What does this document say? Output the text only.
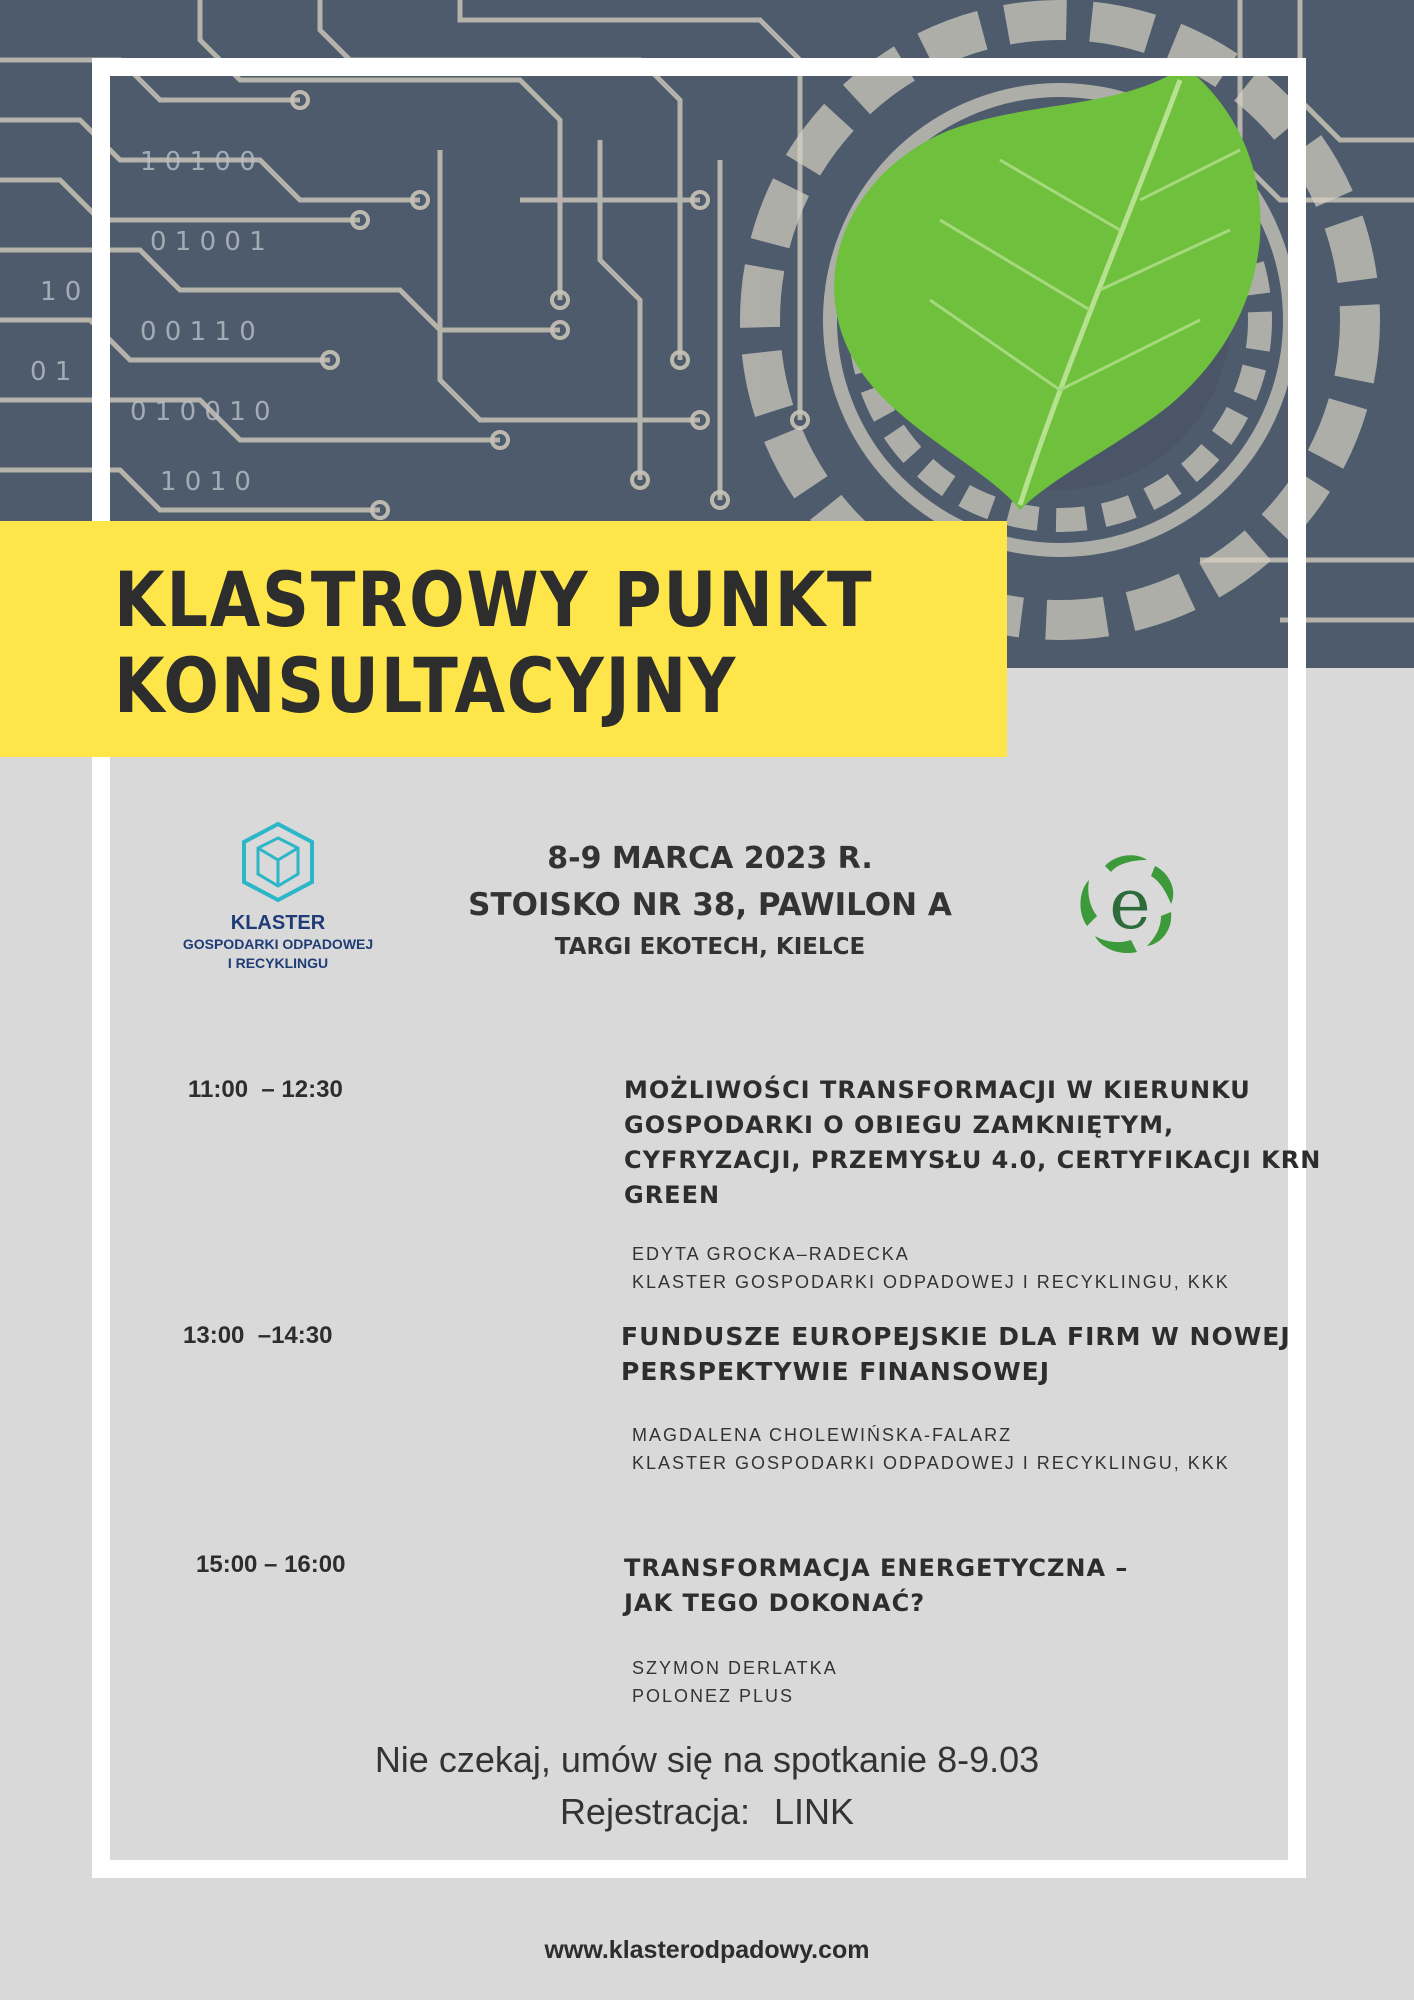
1 0 1 0 0
0 1 0 0 1
0 0 1 1 0
0 1 0 0 1 0
1 0 1 0
1 0
0 1
KLASTROWY PUNKT
KONSULTACYJNY
KLASTER
GOSPODARKI ODPADOWEJ
I RECYKLINGU
8-9 MARCA 2023 R.
STOISKO NR 38, PAWILON A
TARGI EKOTECH, KIELCE
e
11:00  – 12:30	MOŻLIWOŚCI TRANSFORMACJI W KIERUNKU
GOSPODARKI O OBIEGU ZAMKNIĘTYM,
CYFRYZACJI, PRZEMYSŁU 4.0, CERTYFIKACJI KRN
GREEN
EDYTA GROCKA–RADECKA
KLASTER GOSPODARKI ODPADOWEJ I RECYKLINGU, KKK
13:00  –14:30	FUNDUSZE EUROPEJSKIE DLA FIRM W NOWEJ
PERSPEKTYWIE FINANSOWEJ
MAGDALENA CHOLEWIŃSKA-FALARZ
KLASTER GOSPODARKI ODPADOWEJ I RECYKLINGU, KKK
15:00 – 16:00	TRANSFORMACJA ENERGETYCZNA –
JAK TEGO DOKONAĆ?
SZYMON DERLATKA
POLONEZ PLUS
Nie czekaj, umów się na spotkanie 8-9.03
Rejestracja: LINK
www.klasterodpadowy.com
